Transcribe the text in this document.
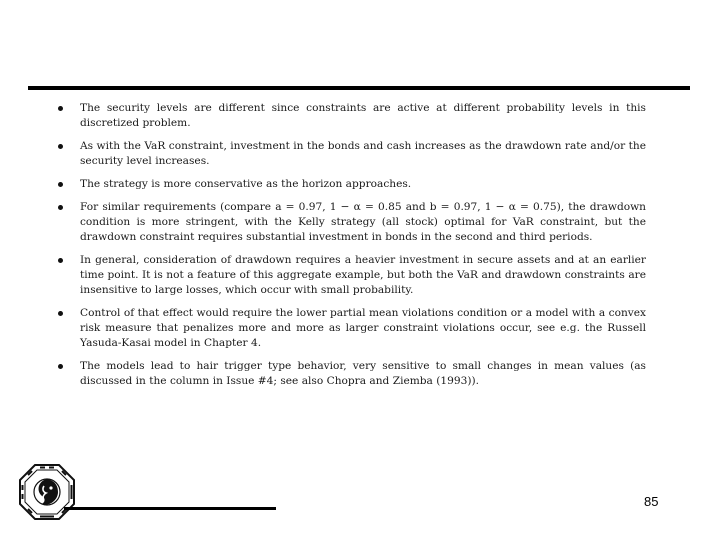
The security levels are different since constraints are active at different probability levels in this discretized problem.
As with the VaR constraint, investment in the bonds and cash increases as the drawdown rate and/or the security level increases.
The strategy is more conservative as the horizon approaches.
For similar requirements (compare a = 0.97, 1 − α = 0.85 and b = 0.97, 1 − α = 0.75), the drawdown condition is more stringent, with the Kelly strategy (all stock) optimal for VaR constraint, but the drawdown constraint requires substantial investment in bonds in the second and third periods.
In general, consideration of drawdown requires a heavier investment in secure assets and at an earlier time point. It is not a feature of this aggregate example, but both the VaR and drawdown constraints are insensitive to large losses, which occur with small probability.
Control of that effect would require the lower partial mean violations condition or a model with a convex risk measure that penalizes more and more as larger constraint violations occur, see e.g. the Russell Yasuda-Kasai model in Chapter 4.
The models lead to hair trigger type behavior, very sensitive to small changes in mean values (as discussed in the column in Issue #4; see also Chopra and Ziemba (1993)).
85
